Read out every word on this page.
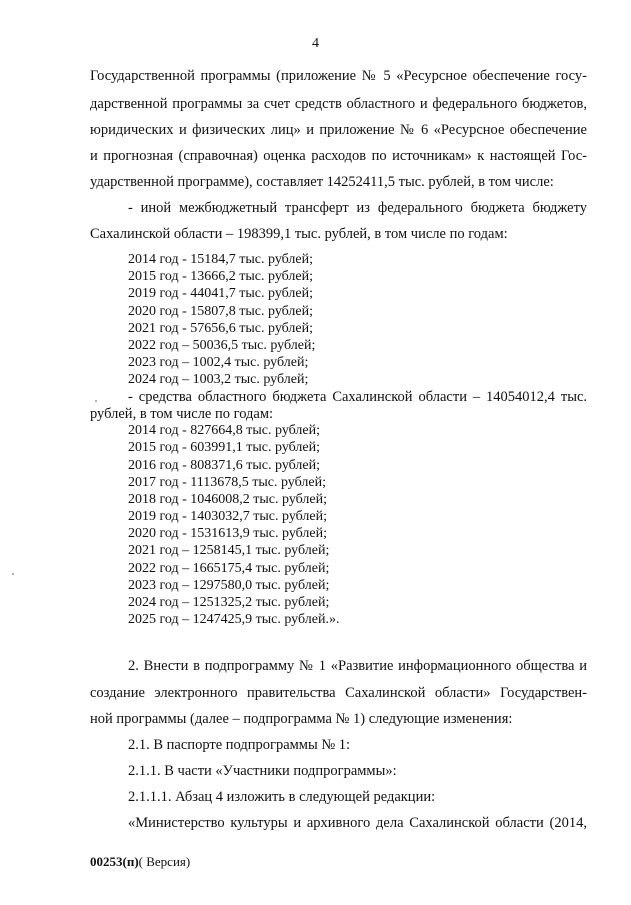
4

Государственной программы (приложение № 5 «Ресурсное обеспечение госу-

дарственной программы за счет средств областного и федерального бюджетов,

юридических и физических лиц» и приложение № 6 «Ресурсное обеспечение

и прогнозная (справочная) оценка расходов по источникам» к настоящей Гос-

ударственной программе), составляет 14252411,5 тыс. рублей, в том числе:

- иной межбюджетный трансферт из федерального бюджета бюджету

Сахалинской области – 198399,1 тыс. рублей, в том числе по годам:

2014 год - 15184,7 тыс. рублей;

2015 год - 13666,2 тыс. рублей;

2019 год - 44041,7 тыс. рублей;

2020 год - 15807,8 тыс. рублей;

2021 год - 57656,6 тыс. рублей;

2022 год – 50036,5 тыс. рублей;

2023 год – 1002,4 тыс. рублей;

2024 год – 1003,2 тыс. рублей;

- средства областного бюджета Сахалинской области – 14054012,4 тыс.

рублей, в том числе по годам:

2014 год - 827664,8 тыс. рублей;

2015 год - 603991,1 тыс. рублей;

2016 год - 808371,6 тыс. рублей;

2017 год - 1113678,5 тыс. рублей;

2018 год - 1046008,2 тыс. рублей;

2019 год - 1403032,7 тыс. рублей;

2020 год - 1531613,9 тыс. рублей;

2021 год – 1258145,1 тыс. рублей;

2022 год – 1665175,4 тыс. рублей;

2023 год – 1297580,0 тыс. рублей;

2024 год – 1251325,2 тыс. рублей;

2025 год – 1247425,9 тыс. рублей.».

2. Внести в подпрограмму № 1 «Развитие информационного общества и

создание электронного правительства Сахалинской области» Государствен-

ной программы (далее – подпрограмма № 1) следующие изменения:

2.1. В паспорте подпрограммы № 1:

2.1.1. В части «Участники подпрограммы»:

2.1.1.1. Абзац 4 изложить в следующей редакции:

«Министерство культуры и архивного дела Сахалинской области (2014,

00253(п)( Версия)
